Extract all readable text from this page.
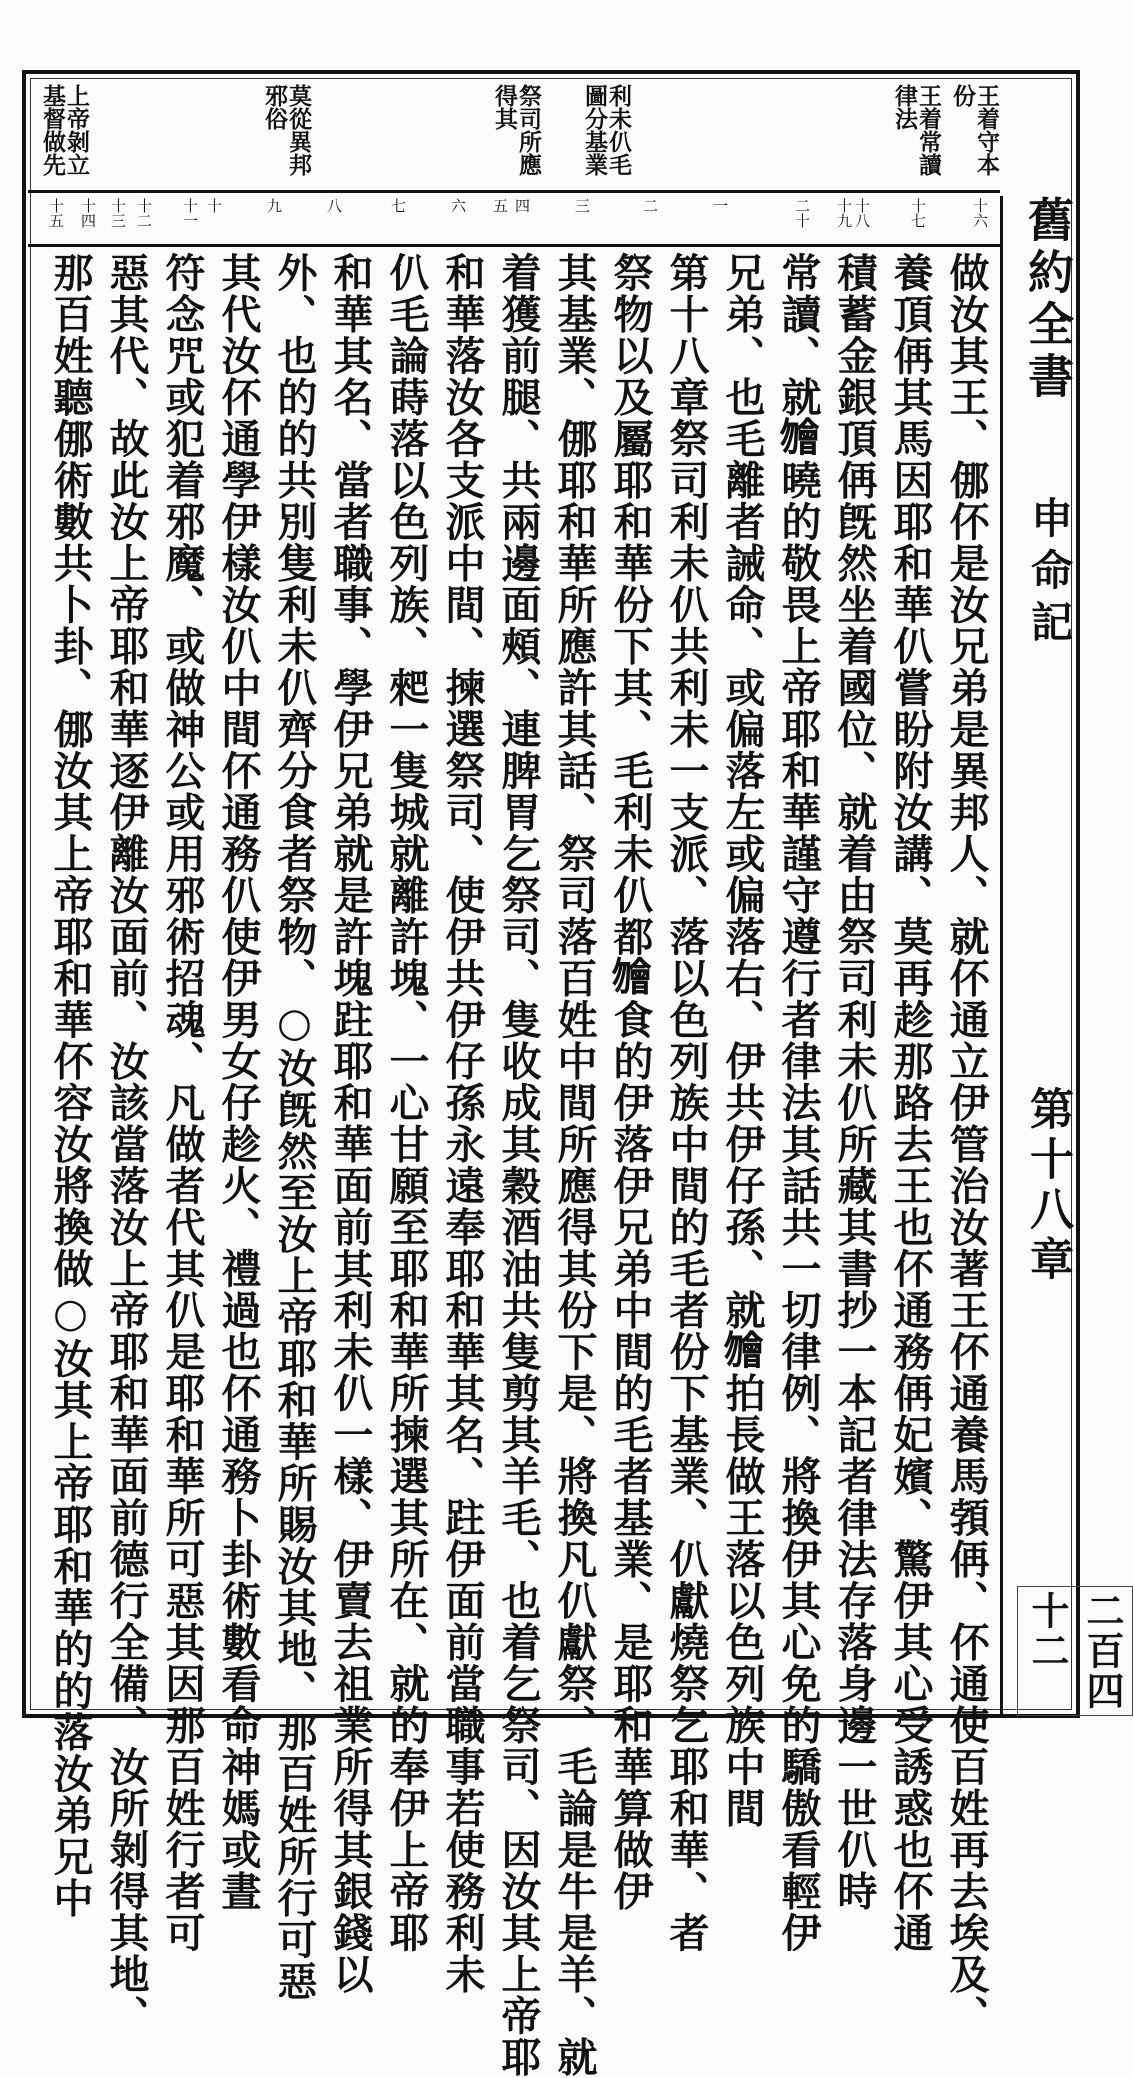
舊約全書
申命記
第十八章
二百四十二
王着守本份
王着常讀律法
利未仈毛圖分基業
祭司所應得其
莫從異邦邪俗
上帝剝立基督做先
十六
十七
十八
十九
二十
一
二
三
四
五
六
七
八
九
十
十一
十二
十三
十四
十五
做汝其王、㑚伓是汝兄弟是異邦人、就伓通立伊管治汝著王伓通養馬𩓐侢、伓通使百姓再去埃及、
養頂侢其馬因耶和華仈嘗盼附汝講、莫再趁那路去王也伓通務侢妃嬪、驚伊其心受誘惑也伓通
積蓄金銀頂侢旣然坐着國位、就着由祭司利未仈所藏其書抄一本記者律法存落身邊一世仈時
常讀、就𣍐曉的敬畏上帝耶和華謹守遵行者律法其話共一切律例、將換伊其心免的驕傲看輕伊
兄弟、也毛離者誡命、或偏落左或偏落右、伊共伊仔孫、就𣍐拍長做王落以色列族中間
第十八章祭司利未仈共利未一支派、落以色列族中間的毛者份下基業、仈獻燒祭乞耶和華、者
祭物以及屬耶和華份下其、毛利未仈都𣍐食的伊落伊兄弟中間的毛者基業、是耶和華算做伊
其基業、㑚耶和華所應許其話、祭司落百姓中間所應得其份下是、將換凡仈獻祭、毛論是牛是羊、就
着獲前腿、共兩邊面頰、連脾胃乞祭司、隻收成其穀酒油共隻剪其羊毛、也着乞祭司、因汝其上帝耶
和華落汝各支派中間、揀選祭司、使伊共伊仔孫永遠奉耶和華其名、跓伊面前當職事若使務利未
仈毛論蒔落以色列族、𠌊一隻城就離許塊、一心甘願至耶和華所揀選其所在、就的奉伊上帝耶
和華其名、當者職事、學伊兄弟就是許塊跓耶和華面前其利未仈一樣、伊賣去祖業所得其銀錢以
外、也的的共別隻利未仈齊分食者祭物、○汝旣然至汝上帝耶和華所賜汝其地、那百姓所行可惡
其代汝伓通學伊樣汝仈中間伓通務仈使伊男女仔趁火、禮過也伓通務卜卦術數看命神媽或晝
符念咒或犯着邪魔、或做神公或用邪術招魂、凡做者代其仈是耶和華所可惡其因那百姓行者可
惡其代、故此汝上帝耶和華逐伊離汝面前、汝該當落汝上帝耶和華面前德行全備、汝所剝得其地、
那百姓聽㑚術數共卜卦、㑚汝其上帝耶和華伓容汝將換做○汝其上帝耶和華的的落汝弟兄中
